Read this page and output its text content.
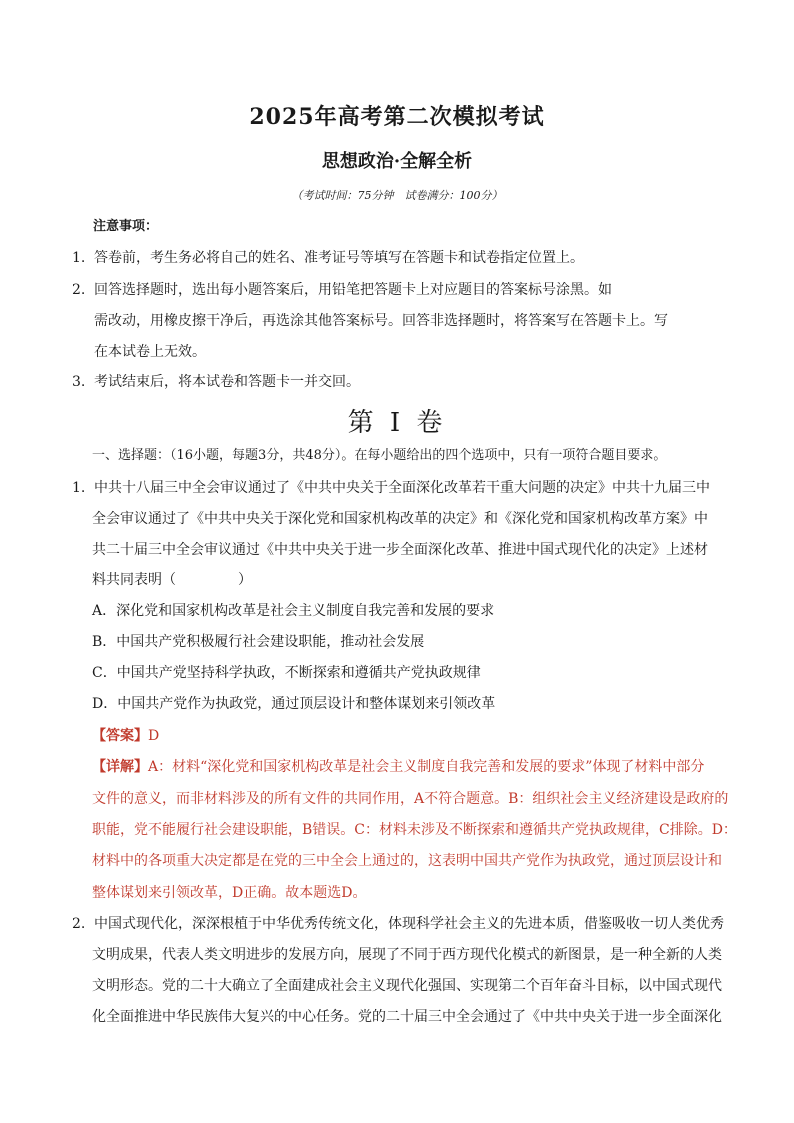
2025年高考第二次模拟考试
思想政治·全解全析
（考试时间：75分钟　试卷满分：100分）
注意事项：
1. 答卷前，考生务必将自己的姓名、准考证号等填写在答题卡和试卷指定位置上。
2. 回答选择题时，选出每小题答案后，用铅笔把答题卡上对应题目的答案标号涂黑。如
需改动，用橡皮擦干净后，再选涂其他答案标号。回答非选择题时，将答案写在答题卡上。写
在本试卷上无效。
3. 考试结束后，将本试卷和答题卡一并交回。
第 I 卷
一、选择题：（16小题，每题3分，共48分）。在每小题给出的四个选项中，只有一项符合题目要求。
1. 中共十八届三中全会审议通过了《中共中央关于全面深化改革若干重大问题的决定》中共十九届三中
全会审议通过了《中共中央关于深化党和国家机构改革的决定》和《深化党和国家机构改革方案》中
共二十届三中全会审议通过《中共中央关于进一步全面深化改革、推进中国式现代化的决定》上述材
料共同表明（	）
A．深化党和国家机构改革是社会主义制度自我完善和发展的要求
B．中国共产党积极履行社会建设职能，推动社会发展
C．中国共产党坚持科学执政，不断探索和遵循共产党执政规律
D．中国共产党作为执政党，通过顶层设计和整体谋划来引领改革
【答案】D
【详解】A：材料“深化党和国家机构改革是社会主义制度自我完善和发展的要求”体现了材料中部分
文件的意义，而非材料涉及的所有文件的共同作用，A不符合题意。B：组织社会主义经济建设是政府的
职能，党不能履行社会建设职能，B错误。C：材料未涉及不断探索和遵循共产党执政规律，C排除。D：
材料中的各项重大决定都是在党的三中全会上通过的，这表明中国共产党作为执政党，通过顶层设计和
整体谋划来引领改革，D正确。故本题选D。
2. 中国式现代化，深深根植于中华优秀传统文化，体现科学社会主义的先进本质，借鉴吸收一切人类优秀
文明成果，代表人类文明进步的发展方向，展现了不同于西方现代化模式的新图景，是一种全新的人类
文明形态。党的二十大确立了全面建成社会主义现代化强国、实现第二个百年奋斗目标，以中国式现代
化全面推进中华民族伟大复兴的中心任务。党的二十届三中全会通过了《中共中央关于进一步全面深化
